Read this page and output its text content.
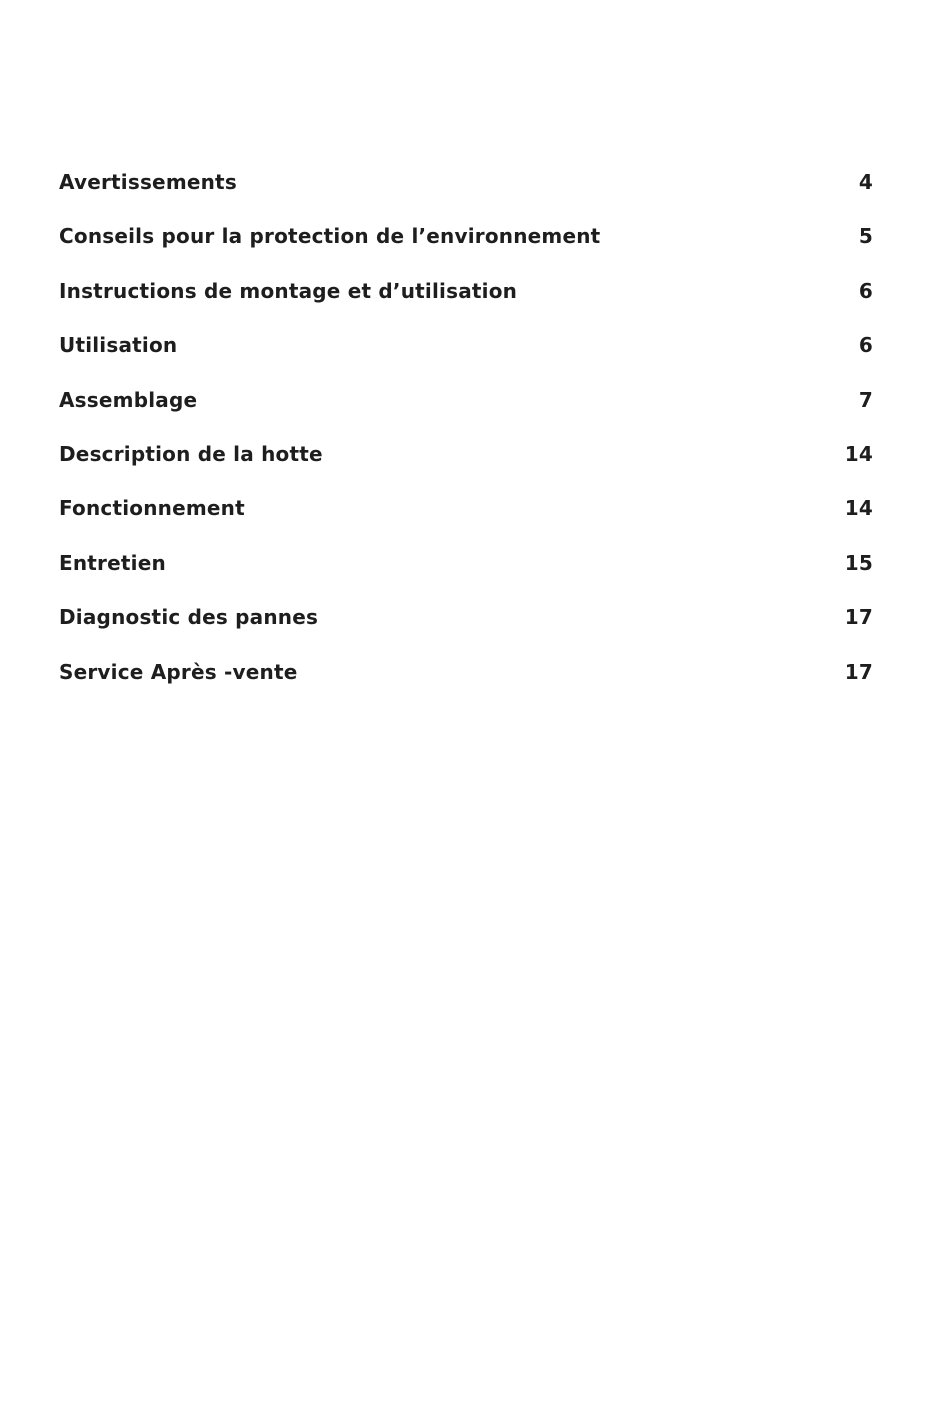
Avertissements	4
Conseils pour la protection de l’environnement	5
Instructions de montage et d’utilisation	6
Utilisation	6
Assemblage	7
Description de la hotte	14
Fonctionnement	14
Entretien	15
Diagnostic des pannes	17
Service Après -vente	17
